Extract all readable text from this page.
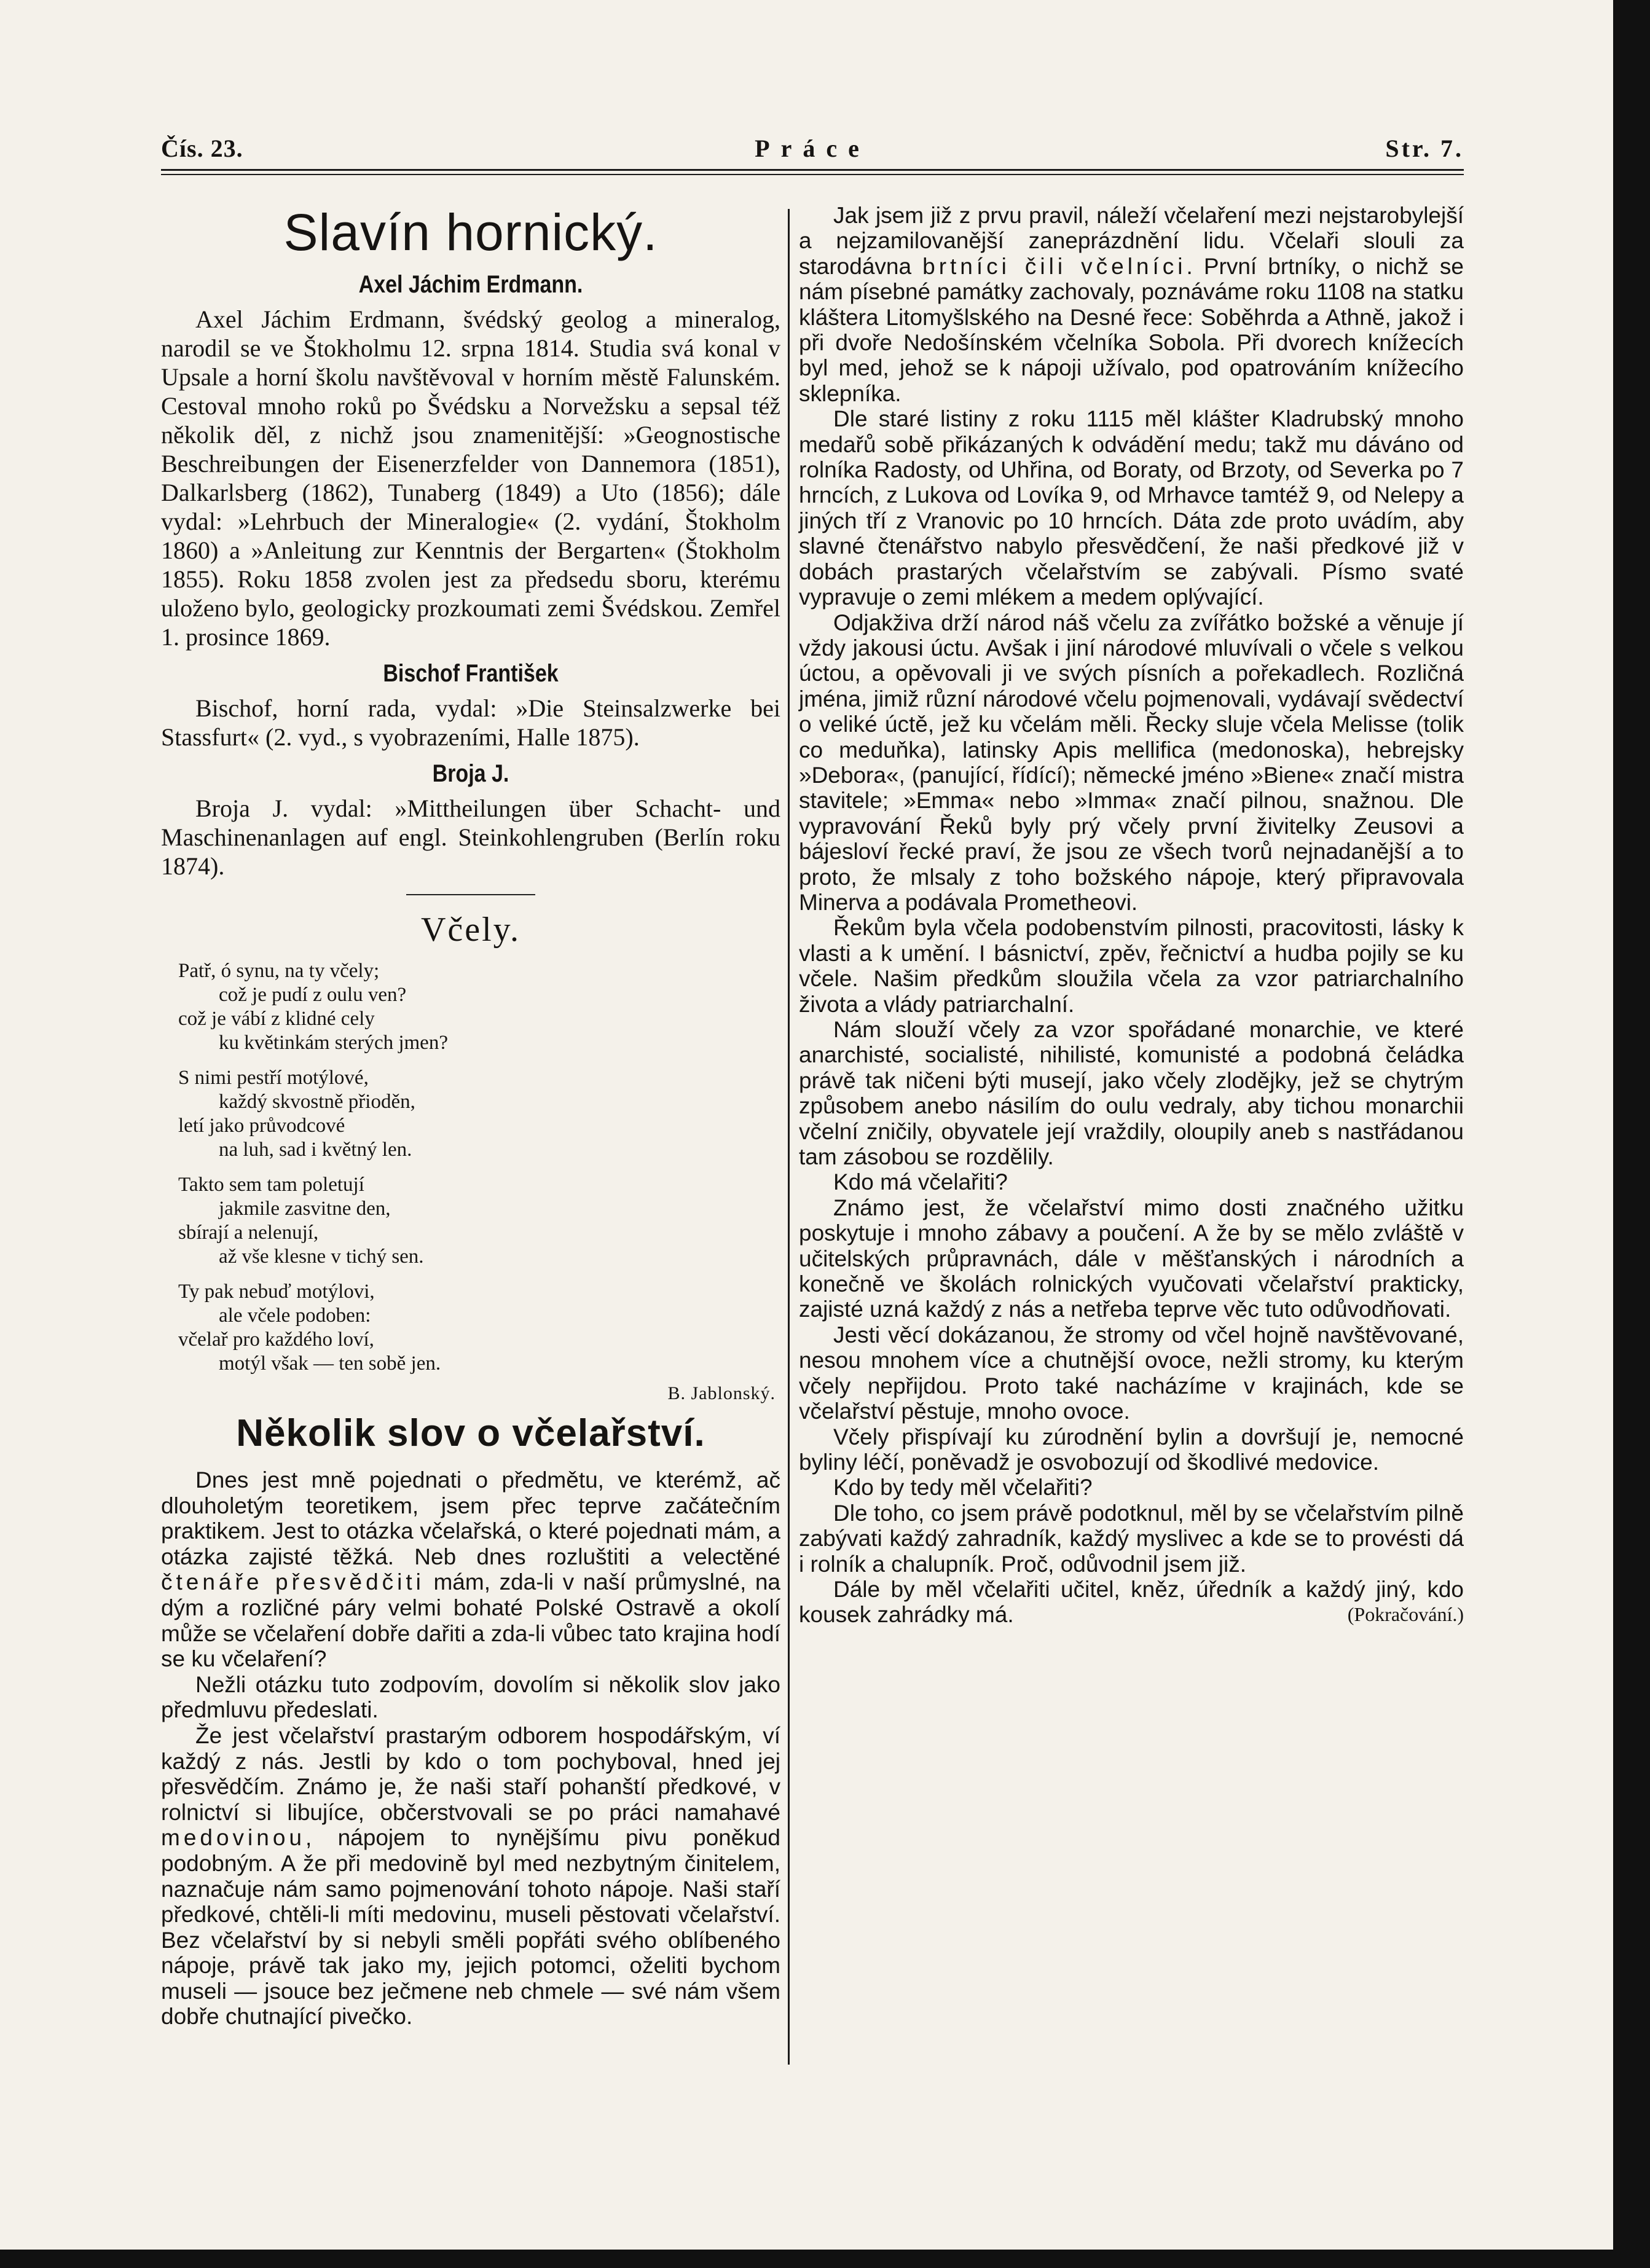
Čís. 23.	Práce	Str. 7.
Slavín hornický.
Axel Jáchim Erdmann.

Axel Jáchim Erdmann, švédský geolog a mineralog, narodil se ve Štokholmu 12. srpna 1814. Studia svá konal v Upsale a horní školu navštěvoval v horním městě Falunském. Cestoval mnoho roků po Švédsku a Norvežsku a sepsal též několik děl, z nichž jsou znamenitější: »Geognostische Beschreibungen der Eisenerzfelder von Dannemora (1851), Dalkarlsberg (1862), Tunaberg (1849) a Uto (1856); dále vydal: »Lehrbuch der Mineralogie« (2. vydání, Štokholm 1860) a »Anleitung zur Kenntnis der Bergarten« (Štokholm 1855). Roku 1858 zvolen jest za předsedu sboru, kterému uloženo bylo, geologicky prozkoumati zemi Švédskou. Zemřel 1. prosince 1869.

Bischof František

Bischof, horní rada, vydal: »Die Steinsalzwerke bei Stassfurt« (2. vyd., s vyobrazeními, Halle 1875).

Broja J.

Broja J. vydal: »Mittheilungen über Schacht- und Maschinenanlagen auf engl. Steinkohlengruben (Berlín roku 1874).

Včely.
Patř, ó synu, na ty včely;
což je pudí z oulu ven?
což je vábí z klidné cely
ku květinkám sterých jmen?
S nimi pestří motýlové,
každý skvostně přioděn,
letí jako průvodcové
na luh, sad i květný len.
Takto sem tam poletují
jakmile zasvitne den,
sbírají a nelenují,
až vše klesne v tichý sen.
Ty pak nebuď motýlovi,
ale včele podoben:
včelař pro každého loví,
motýl však — ten sobě jen.
B. Jablonský.
Několik slov o včelařství.

Dnes jest mně pojednati o předmětu, ve kterémž, ač dlouholetým teoretikem, jsem přec teprve začátečním praktikem. Jest to otázka včelařská, o které pojednati mám, a otázka zajisté těžká. Neb dnes rozluštiti a velectěné čtenáře přesvědčiti mám, zda-li v naší průmyslné, na dým a rozličné páry velmi bohaté Polské Ostravě a okolí může se včelaření dobře dařiti a zda-li vůbec tato krajina hodí se ku včelaření?

Nežli otázku tuto zodpovím, dovolím si několik slov jako předmluvu předeslati.

Že jest včelařství prastarým odborem hospodářským, ví každý z nás. Jestli by kdo o tom pochyboval, hned jej přesvědčím. Známo je, že naši staří pohanští předkové, v rolnictví si libujíce, občerstvovali se po práci namahavé medovinou, nápojem to nynějšímu pivu poněkud podobným. A že při medovině byl med nezbytným činitelem, naznačuje nám samo pojmenování tohoto nápoje. Naši staří předkové, chtěli-li míti medovinu, museli pěstovati včelařství. Bez včelařství by si nebyli směli popřáti svého oblíbeného nápoje, právě tak jako my, jejich potomci, oželiti bychom museli — jsouce bez ječmene neb chmele — své nám všem dobře chutnající pivečko.

Jak jsem již z prvu pravil, náleží včelaření mezi nejstarobylejší a nejzamilovanější zaneprázdnění lidu. Včelaři slouli za starodávna brtníci čili včelníci. První brtníky, o nichž se nám písebné památky zachovaly, poznáváme roku 1108 na statku kláštera Litomyšlského na Desné řece: Soběhrda a Athně, jakož i při dvoře Nedošínském včelníka Sobola. Při dvorech knížecích byl med, jehož se k nápoji užívalo, pod opatrováním knížecího sklepníka.

Dle staré listiny z roku 1115 měl klášter Kladrubský mnoho medařů sobě přikázaných k odvádění medu; takž mu dáváno od rolníka Radosty, od Uhřina, od Boraty, od Brzoty, od Severka po 7 hrncích, z Lukova od Lovíka 9, od Mrhavce tamtéž 9, od Nelepy a jiných tří z Vranovic po 10 hrncích. Dáta zde proto uvádím, aby slavné čtenářstvo nabylo přesvědčení, že naši předkové již v dobách prastarých včelařstvím se zabývali. Písmo svaté vypravuje o zemi mlékem a medem oplývající.

Odjakživa drží národ náš včelu za zvířátko božské a věnuje jí vždy jakousi úctu. Avšak i jiní národové mluvívali o včele s velkou úctou, a opěvovali ji ve svých písních a pořekadlech. Rozličná jména, jimiž různí národové včelu pojmenovali, vydávají svědectví o veliké úctě, jež ku včelám měli. Řecky sluje včela Melisse (tolik co meduňka), latinsky Apis mellifica (medonoska), hebrejsky »Debora«, (panující, řídící); německé jméno »Biene« značí mistra stavitele; »Emma« nebo »Imma« značí pilnou, snažnou. Dle vypravování Řeků byly prý včely první živitelky Zeusovi a bájesloví řecké praví, že jsou ze všech tvorů nejnadanější a to proto, že mlsaly z toho božského nápoje, který připravovala Minerva a podávala Prometheovi.

Řekům byla včela podobenstvím pilnosti, pracovitosti, lásky k vlasti a k umění. I básnictví, zpěv, řečnictví a hudba pojily se ku včele. Našim předkům sloužila včela za vzor patriarchalního života a vlády patriarchalní.

Nám slouží včely za vzor spořádané monarchie, ve které anarchisté, socialisté, nihilisté, komunisté a podobná čeládka právě tak ničeni býti musejí, jako včely zlodějky, jež se chytrým způsobem anebo násilím do oulu vedraly, aby tichou monarchii včelní zničily, obyvatele její vraždily, oloupily aneb s nastřádanou tam zásobou se rozdělily.

Kdo má včelařiti?

Známo jest, že včelařství mimo dosti značného užitku poskytuje i mnoho zábavy a poučení. A že by se mělo zvláště v učitelských průpravnách, dále v měšťanských i národních a konečně ve školách rolnických vyučovati včelařství prakticky, zajisté uzná každý z nás a netřeba teprve věc tuto odůvodňovati.

Jesti věcí dokázanou, že stromy od včel hojně navštěvované, nesou mnohem více a chutnější ovoce, nežli stromy, ku kterým včely nepřijdou. Proto také nacházíme v krajinách, kde se včelařství pěstuje, mnoho ovoce.

Včely přispívají ku zúrodnění bylin a dovršují je, nemocné byliny léčí, poněvadž je osvobozují od škodlivé medovice.

Kdo by tedy měl včelařiti?

Dle toho, co jsem právě podotknul, měl by se včelařstvím pilně zabývati každý zahradník, každý myslivec a kde se to provésti dá i rolník a chalupník. Proč, odůvodnil jsem již.

Dále by měl včelařiti učitel, kněz, úředník a každý jiný, kdo kousek zahrádky má.	(Pokračování.)
